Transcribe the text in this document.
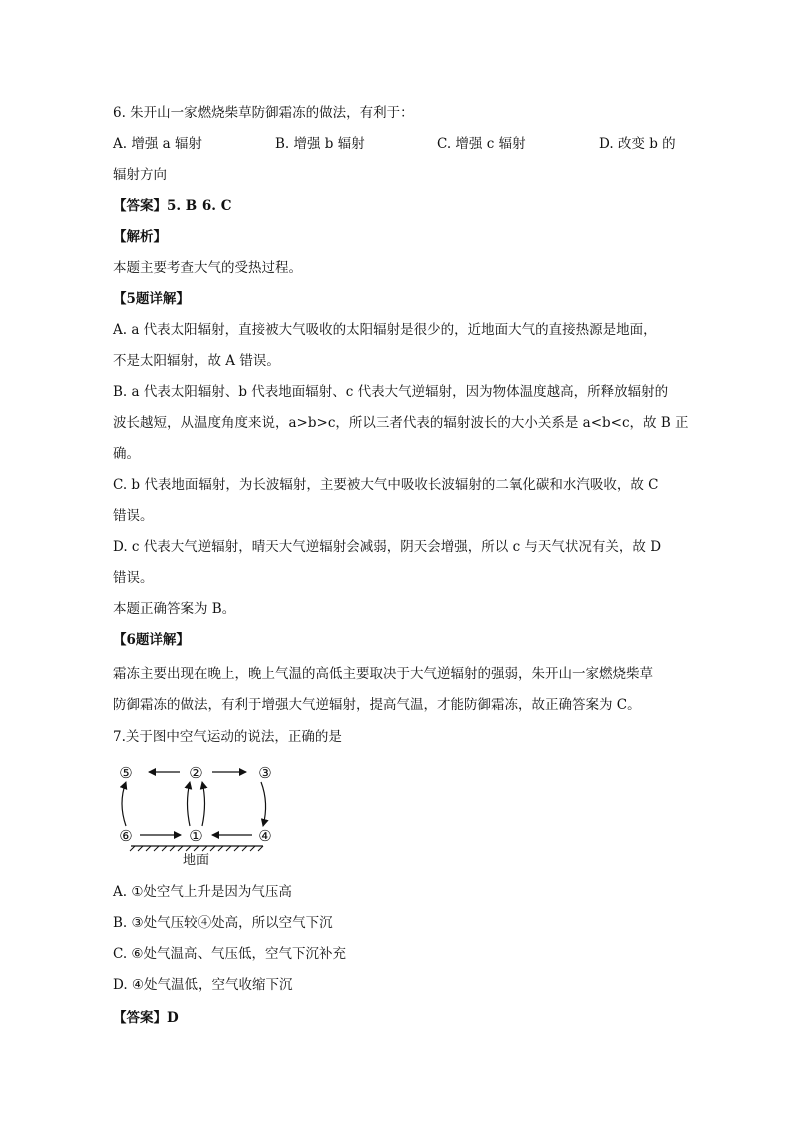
6. 朱开山一家燃烧柴草防御霜冻的做法，有利于：
A. 增强 a 辐射	B. 增强 b 辐射	C. 增强 c 辐射	D. 改变 b 的
辐射方向
【答案】5. B 6. C
【解析】
本题主要考查大气的受热过程。
【5题详解】
A. a 代表太阳辐射，直接被大气吸收的太阳辐射是很少的，近地面大气的直接热源是地面，
不是太阳辐射，故 A 错误。
B. a 代表太阳辐射、b 代表地面辐射、c 代表大气逆辐射，因为物体温度越高，所释放辐射的
波长越短，从温度角度来说，a>b>c，所以三者代表的辐射波长的大小关系是 a<b<c，故 B 正
确。
C. b 代表地面辐射，为长波辐射，主要被大气中吸收长波辐射的二氧化碳和水汽吸收，故 C
错误。
D. c 代表大气逆辐射，晴天大气逆辐射会减弱，阴天会增强，所以 c 与天气状况有关，故 D
错误。
本题正确答案为 B。
【6题详解】
霜冻主要出现在晚上，晚上气温的高低主要取决于大气逆辐射的强弱，朱开山一家燃烧柴草
防御霜冻的做法，有利于增强大气逆辐射，提高气温，才能防御霜冻，故正确答案为 C。
7.关于图中空气运动的说法，正确的是
⑤	②	③
⑥	①	④
地面
A. ①处空气上升是因为气压高
B. ③处气压较④处高，所以空气下沉
C. ⑥处气温高、气压低，空气下沉补充
D. ④处气温低，空气收缩下沉
【答案】D
